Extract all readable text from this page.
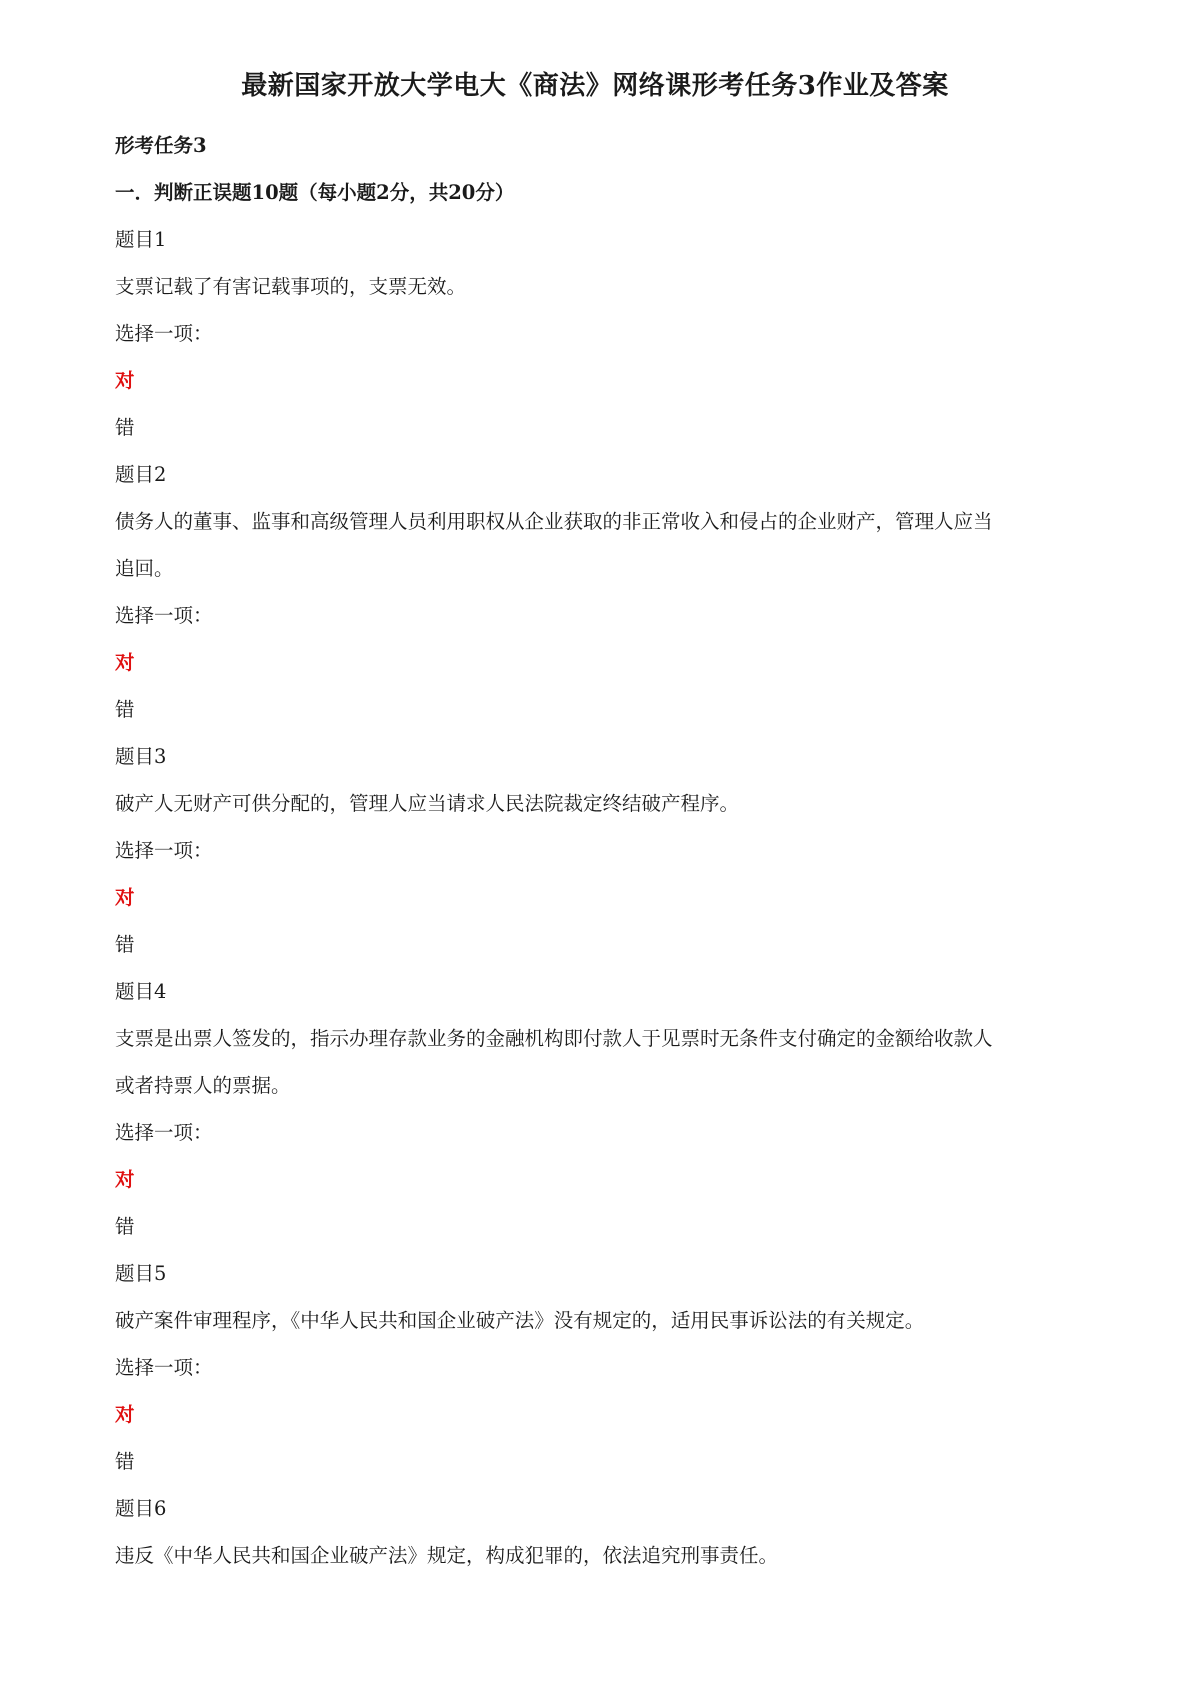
最新国家开放大学电大《商法》网络课形考任务3作业及答案
形考任务3
一．判断正误题10题（每小题2分，共20分）
题目1
支票记载了有害记载事项的，支票无效。
选择一项：
对
错
题目2
债务人的董事、监事和高级管理人员利用职权从企业获取的非正常收入和侵占的企业财产，管理人应当
追回。
选择一项：
对
错
题目3
破产人无财产可供分配的，管理人应当请求人民法院裁定终结破产程序。
选择一项：
对
错
题目4
支票是出票人签发的，指示办理存款业务的金融机构即付款人于见票时无条件支付确定的金额给收款人
或者持票人的票据。
选择一项：
对
错
题目5
破产案件审理程序，《中华人民共和国企业破产法》没有规定的，适用民事诉讼法的有关规定。
选择一项：
对
错
题目6
违反《中华人民共和国企业破产法》规定，构成犯罪的，依法追究刑事责任。
